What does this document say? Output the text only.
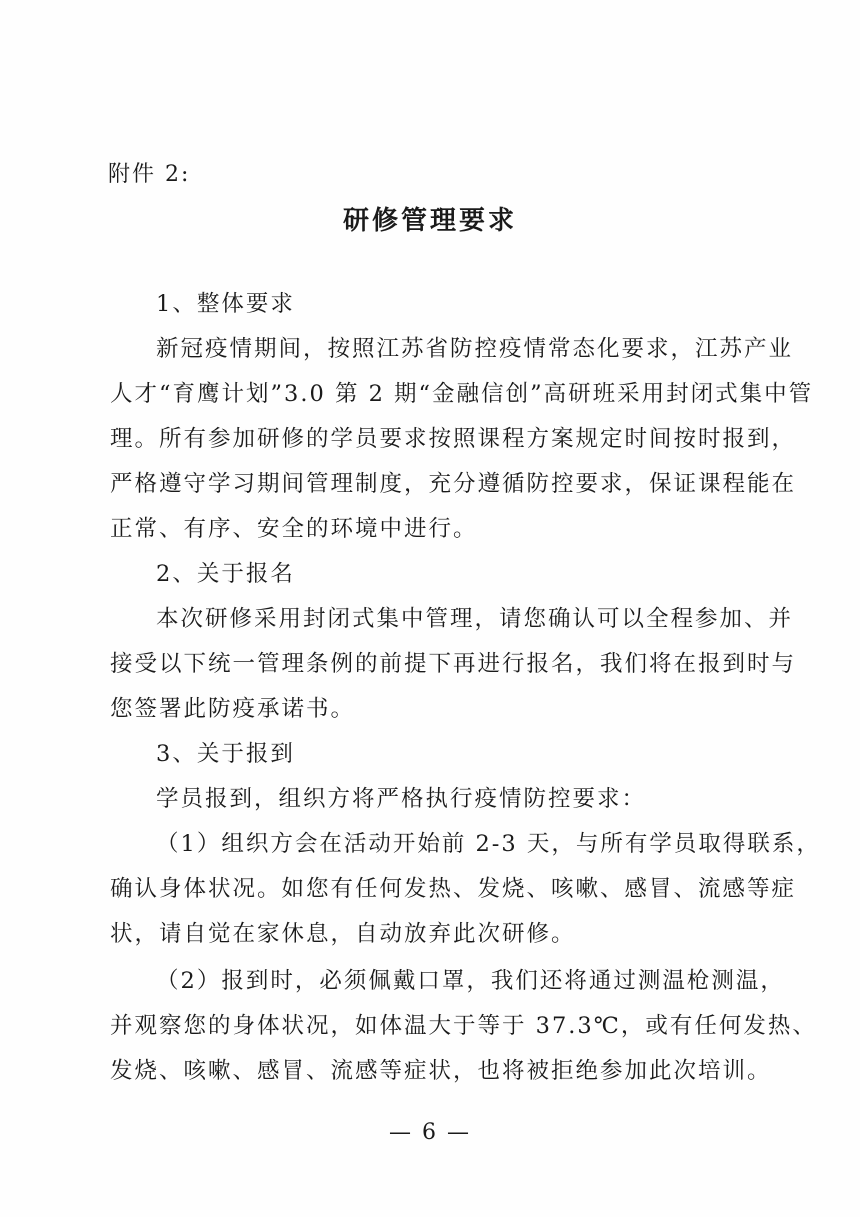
附件 2:
研修管理要求
1、整体要求
新冠疫情期间，按照江苏省防控疫情常态化要求，江苏产业
人才“育鹰计划”3.0 第 2 期“金融信创”高研班采用封闭式集中管
理。所有参加研修的学员要求按照课程方案规定时间按时报到，
严格遵守学习期间管理制度，充分遵循防控要求，保证课程能在
正常、有序、安全的环境中进行。
2、关于报名
本次研修采用封闭式集中管理，请您确认可以全程参加、并
接受以下统一管理条例的前提下再进行报名，我们将在报到时与
您签署此防疫承诺书。
3、关于报到
学员报到，组织方将严格执行疫情防控要求：
（1）组织方会在活动开始前 2-3 天，与所有学员取得联系，
确认身体状况。如您有任何发热、发烧、咳嗽、感冒、流感等症
状，请自觉在家休息，自动放弃此次研修。
（2）报到时，必须佩戴口罩，我们还将通过测温枪测温，
并观察您的身体状况，如体温大于等于 37.3℃，或有任何发热、
发烧、咳嗽、感冒、流感等症状，也将被拒绝参加此次培训。
— 6 —
